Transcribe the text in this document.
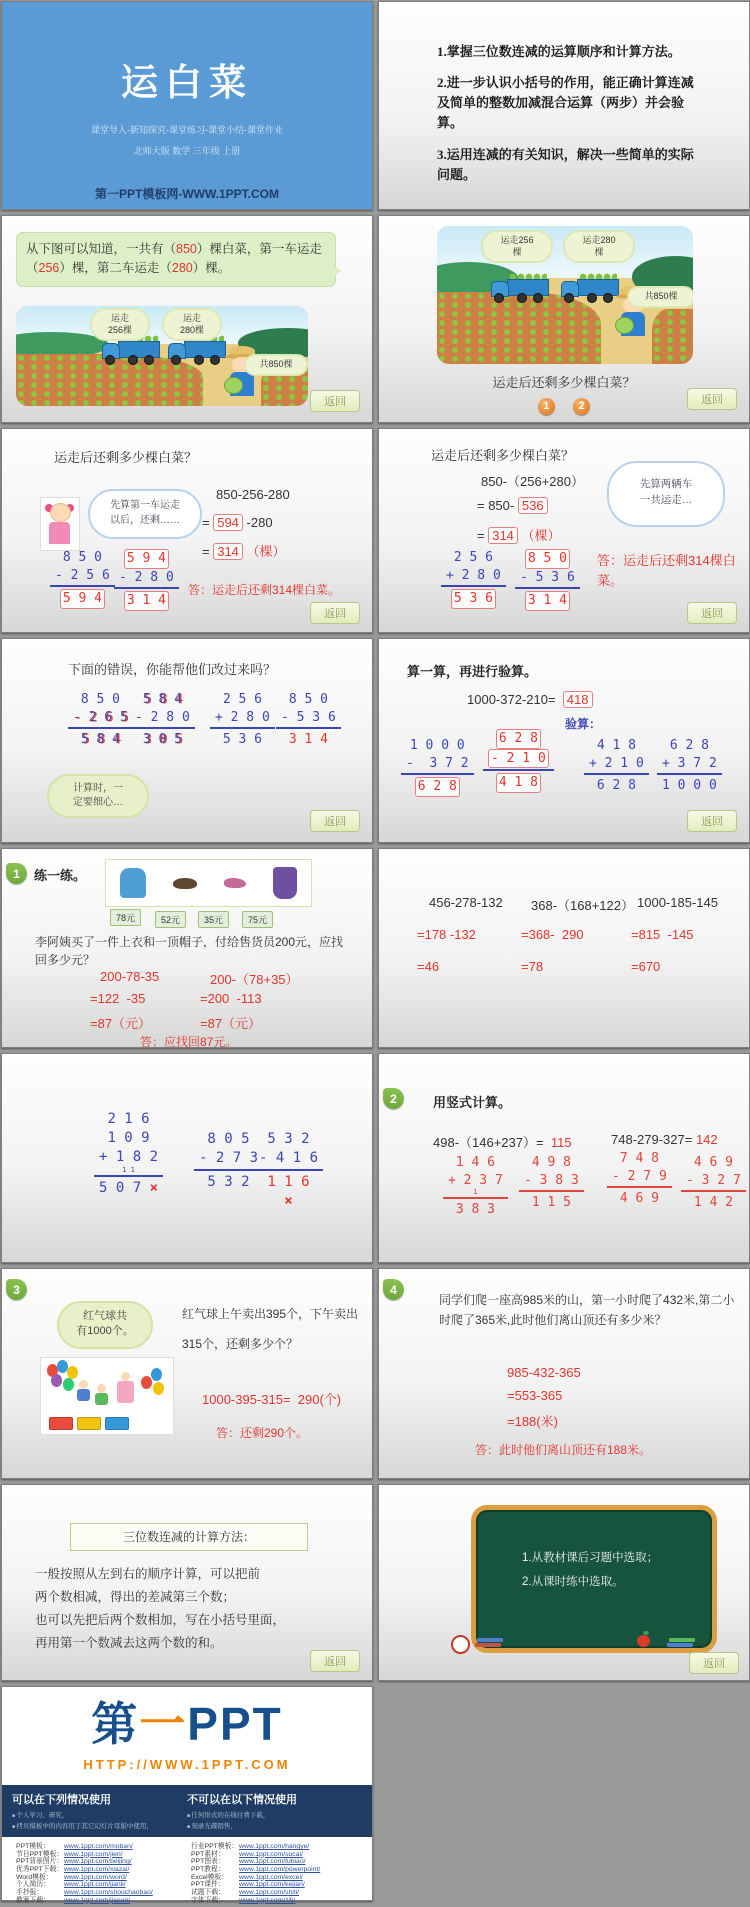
运白菜
课堂导入-新知探究-课堂练习-课堂小结-课堂作业
北师大版 数学 三年级 上册
第一PPT模板网-WWW.1PPT.COM
从下图可以知道，一共有（850）棵白菜，第一车运走（256）棵，第二车运走（280）棵。
运走
256棵
运走
280棵
共850棵
返回
运走后还剩多少棵白菜？
先算第一车运走
以后，还剩……
850-256-280
= 594 -280
= 314 （棵）
8 5 0
- 2 5 6
5 9 4
5 9 4
- 2 8 0
3 1 4
答：运走后还剩314棵白菜。
返回
下面的错误，你能帮他们改过来吗？
8 5 0
- 2 6 5
5 8 4
5 8 4
- 2 8 0
3 0 5
2 5 6
+ 2 8 0
5 3 6
8 5 0
- 5 3 6
3 1 4
计算时，一
定要细心…
返回
1	练一练。
78元	52元	35元	75元
李阿姨买了一件上衣和一顶帽子，付给售货员200元，应找回多少元？
200-78-35
=122  -35
=87（元）
200-（78+35）
=200  -113
=87（元）
答：应找回87元。
2 1 6
1 0 9
+ 1 8 2
1 1
5 0 7 ×
8 0 5
- 2 7 3
5 3 2
5 3 2
- 4 1 6
1 1 6
×
3
红气球共
有1000个。
红气球上午卖出395个，下午卖出
315个，还剩多少个？
1000-395-315=  290(个)
答：还剩290个。
三位数连减的计算方法：
一般按照从左到右的顺序计算，可以把前
两个数相减，得出的差减第三个数；
也可以先把后两个数相加，写在小括号里面，
再用第一个数减去这两个数的和。
返回
第一PPT
HTTP://WWW.1PPT.COM
可以在下列情况使用
■ 个人学习、研究，
■ 拷贝模板中的内容用于其它幻灯片母版中使用，
不可以在以下情况使用
■ 任何形式的在线付费下载，
■ 刻录光碟销售，
PPT模板： www.1ppt.com/moban/
节日PPT模板：www.1ppt.com/jieri/
PPT背景图片：www.1ppt.com/beijing/
优秀PPT下载：www.1ppt.com/xiazai/
Word模板： www.1ppt.com/word/
个人简历： www.1ppt.com/jianli/
手抄报：	www.1ppt.com/shouchaobao/
教案下载： www.1ppt.com/jiaoan/
行业PPT模板：www.1ppt.com/hangye/
PPT素材： www.1ppt.com/sucai/
PPT图表： www.1ppt.com/tubiao/
PPT教程： www.1ppt.com/powerpoint/
Excel模板： www.1ppt.com/excel/
PPT课件： www.1ppt.com/kejian/
试题下载： www.1ppt.com/shiti/
字体下载： www.1ppt.com/ziti/

1.掌握三位数连减的运算顺序和计算方法。

2.进一步认识小括号的作用，能正确计算连减及简单的整数加减混合运算（两步）并会验算。

3.运用连减的有关知识，解决一些简单的实际问题。

运走256
棵
运走280
棵
共850棵
运走后还剩多少棵白菜？
1	2	返回
运走后还剩多少棵白菜？
850-（256+280）
= 850- 536
= 314 （棵）
先算两辆车
一共运走…
2 5 6
+ 2 8 0
5 3 6
8 5 0
- 5 3 6
3 1 4
答：运走后还剩314棵白菜。
返回
算一算，再进行验算。
1000-372-210= 418
验算：
1 0 0 0
-  3 7 2
6 2 8
6 2 8
- 2 1 0
4 1 8
4 1 8
+ 2 1 0
6 2 8
6 2 8
+ 3 7 2
1 0 0 0
返回
456-278-132 368-（168+122） 1000-185-145
=178 -132	=368-  290	=815  -145
=46	=78	=670
2	用竖式计算。
498-（146+237）= 115	748-279-327= 142
1 4 6
+ 2 3 7
1
3 8 3
4 9 8
- 3 8 3
1 1 5
7 4 8
- 2 7 9
4 6 9
4 6 9
- 3 2 7
1 4 2
4
同学们爬一座高985米的山，第一小时爬了432米,第二小时爬了365米,此时他们离山顶还有多少米？
985-432-365
=553-365
=188(米)
答：此时他们离山顶还有188米。
1.从教材课后习题中选取；
2.从课时练中选取。
返回
